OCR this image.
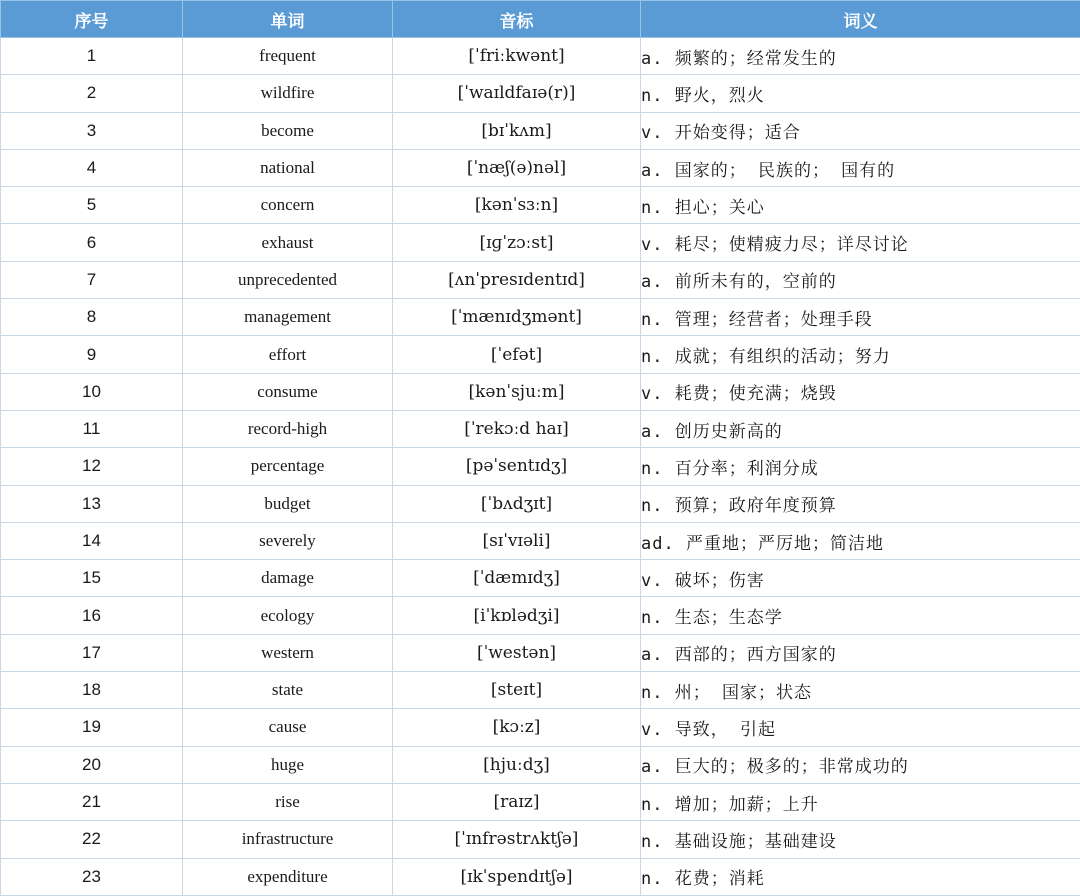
序号	单词	音标	词义
1	frequent	[ˈfriːkwənt]	a. 频繁的；经常发生的
2	wildfire	[ˈwaɪldfaɪə(r)]	n. 野火，烈火
3	become	[bɪˈkʌm]	v. 开始变得；适合
4	national	[ˈnæʃ(ə)nəl]	a. 国家的； 民族的； 国有的
5	concern	[kənˈsɜːn]	n. 担心；关心
6	exhaust	[ɪɡˈzɔːst]	v. 耗尽；使精疲力尽；详尽讨论
7	unprecedented	[ʌnˈpresɪdentɪd]	a. 前所未有的，空前的
8	management	[ˈmænɪdʒmənt]	n. 管理；经营者；处理手段
9	effort	[ˈefət]	n. 成就；有组织的活动；努力
10	consume	[kənˈsjuːm]	v. 耗费；使充满；烧毁
11	record-high	[ˈrekɔːd haɪ]	a. 创历史新高的
12	percentage	[pəˈsentɪdʒ]	n. 百分率；利润分成
13	budget	[ˈbʌdʒɪt]	n. 预算；政府年度预算
14	severely	[sɪˈvɪəli]	ad. 严重地；严厉地；简洁地
15	damage	[ˈdæmɪdʒ]	v. 破坏；伤害
16	ecology	[iˈkɒlədʒi]	n. 生态；生态学
17	western	[ˈwestən]	a. 西部的；西方国家的
18	state	[steɪt]	n. 州； 国家；状态
19	cause	[kɔːz]	v. 导致， 引起
20	huge	[hjuːdʒ]	a. 巨大的；极多的；非常成功的
21	rise	[raɪz]	n. 增加；加薪；上升
22	infrastructure	[ˈɪnfrəstrʌktʃə]	n. 基础设施；基础建设
23	expenditure	[ɪkˈspendɪtʃə]	n. 花费；消耗
